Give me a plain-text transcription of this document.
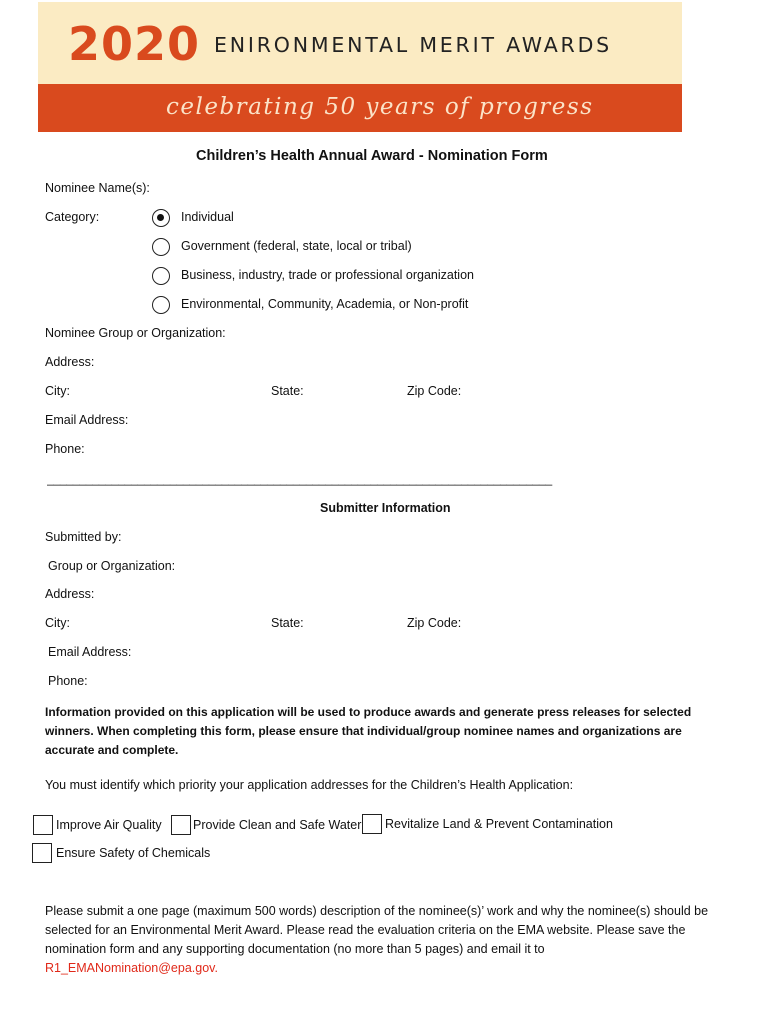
2020 ENIRONMENTAL MERIT AWARDS
celebrating 50 years of progress
Children’s Health Annual Award - Nomination Form
Nominee Name(s):
Category:	Individual
Government (federal, state, local or tribal)
Business, industry, trade or professional organization
Environmental, Community, Academia, or Non-profit
Nominee Group or Organization:
Address:
City:	State:	Zip Code:
Email Address:
Phone:
______________________________________________________________________________
Submitter Information
Submitted by:
Group or Organization:
Address:
City:	State:	Zip Code:
Email Address:
Phone:
Information provided on this application will be used to produce awards and generate press releases for selected winners. When completing this form, please ensure that individual/group nominee names and organizations are accurate and complete.
You must identify which priority your application addresses for the Children’s Health Application:
Improve Air Quality	Provide Clean and Safe Water Revitalize Land & Prevent Contamination
Ensure Safety of Chemicals
Please submit a one page (maximum 500 words) description of the nominee(s)’ work and why the nominee(s) should be selected for an Environmental Merit Award. Please read the evaluation criteria on the EMA website. Please save the nomination form and any supporting documentation (no more than 5 pages) and email it to
R1_EMANomination@epa.gov.
